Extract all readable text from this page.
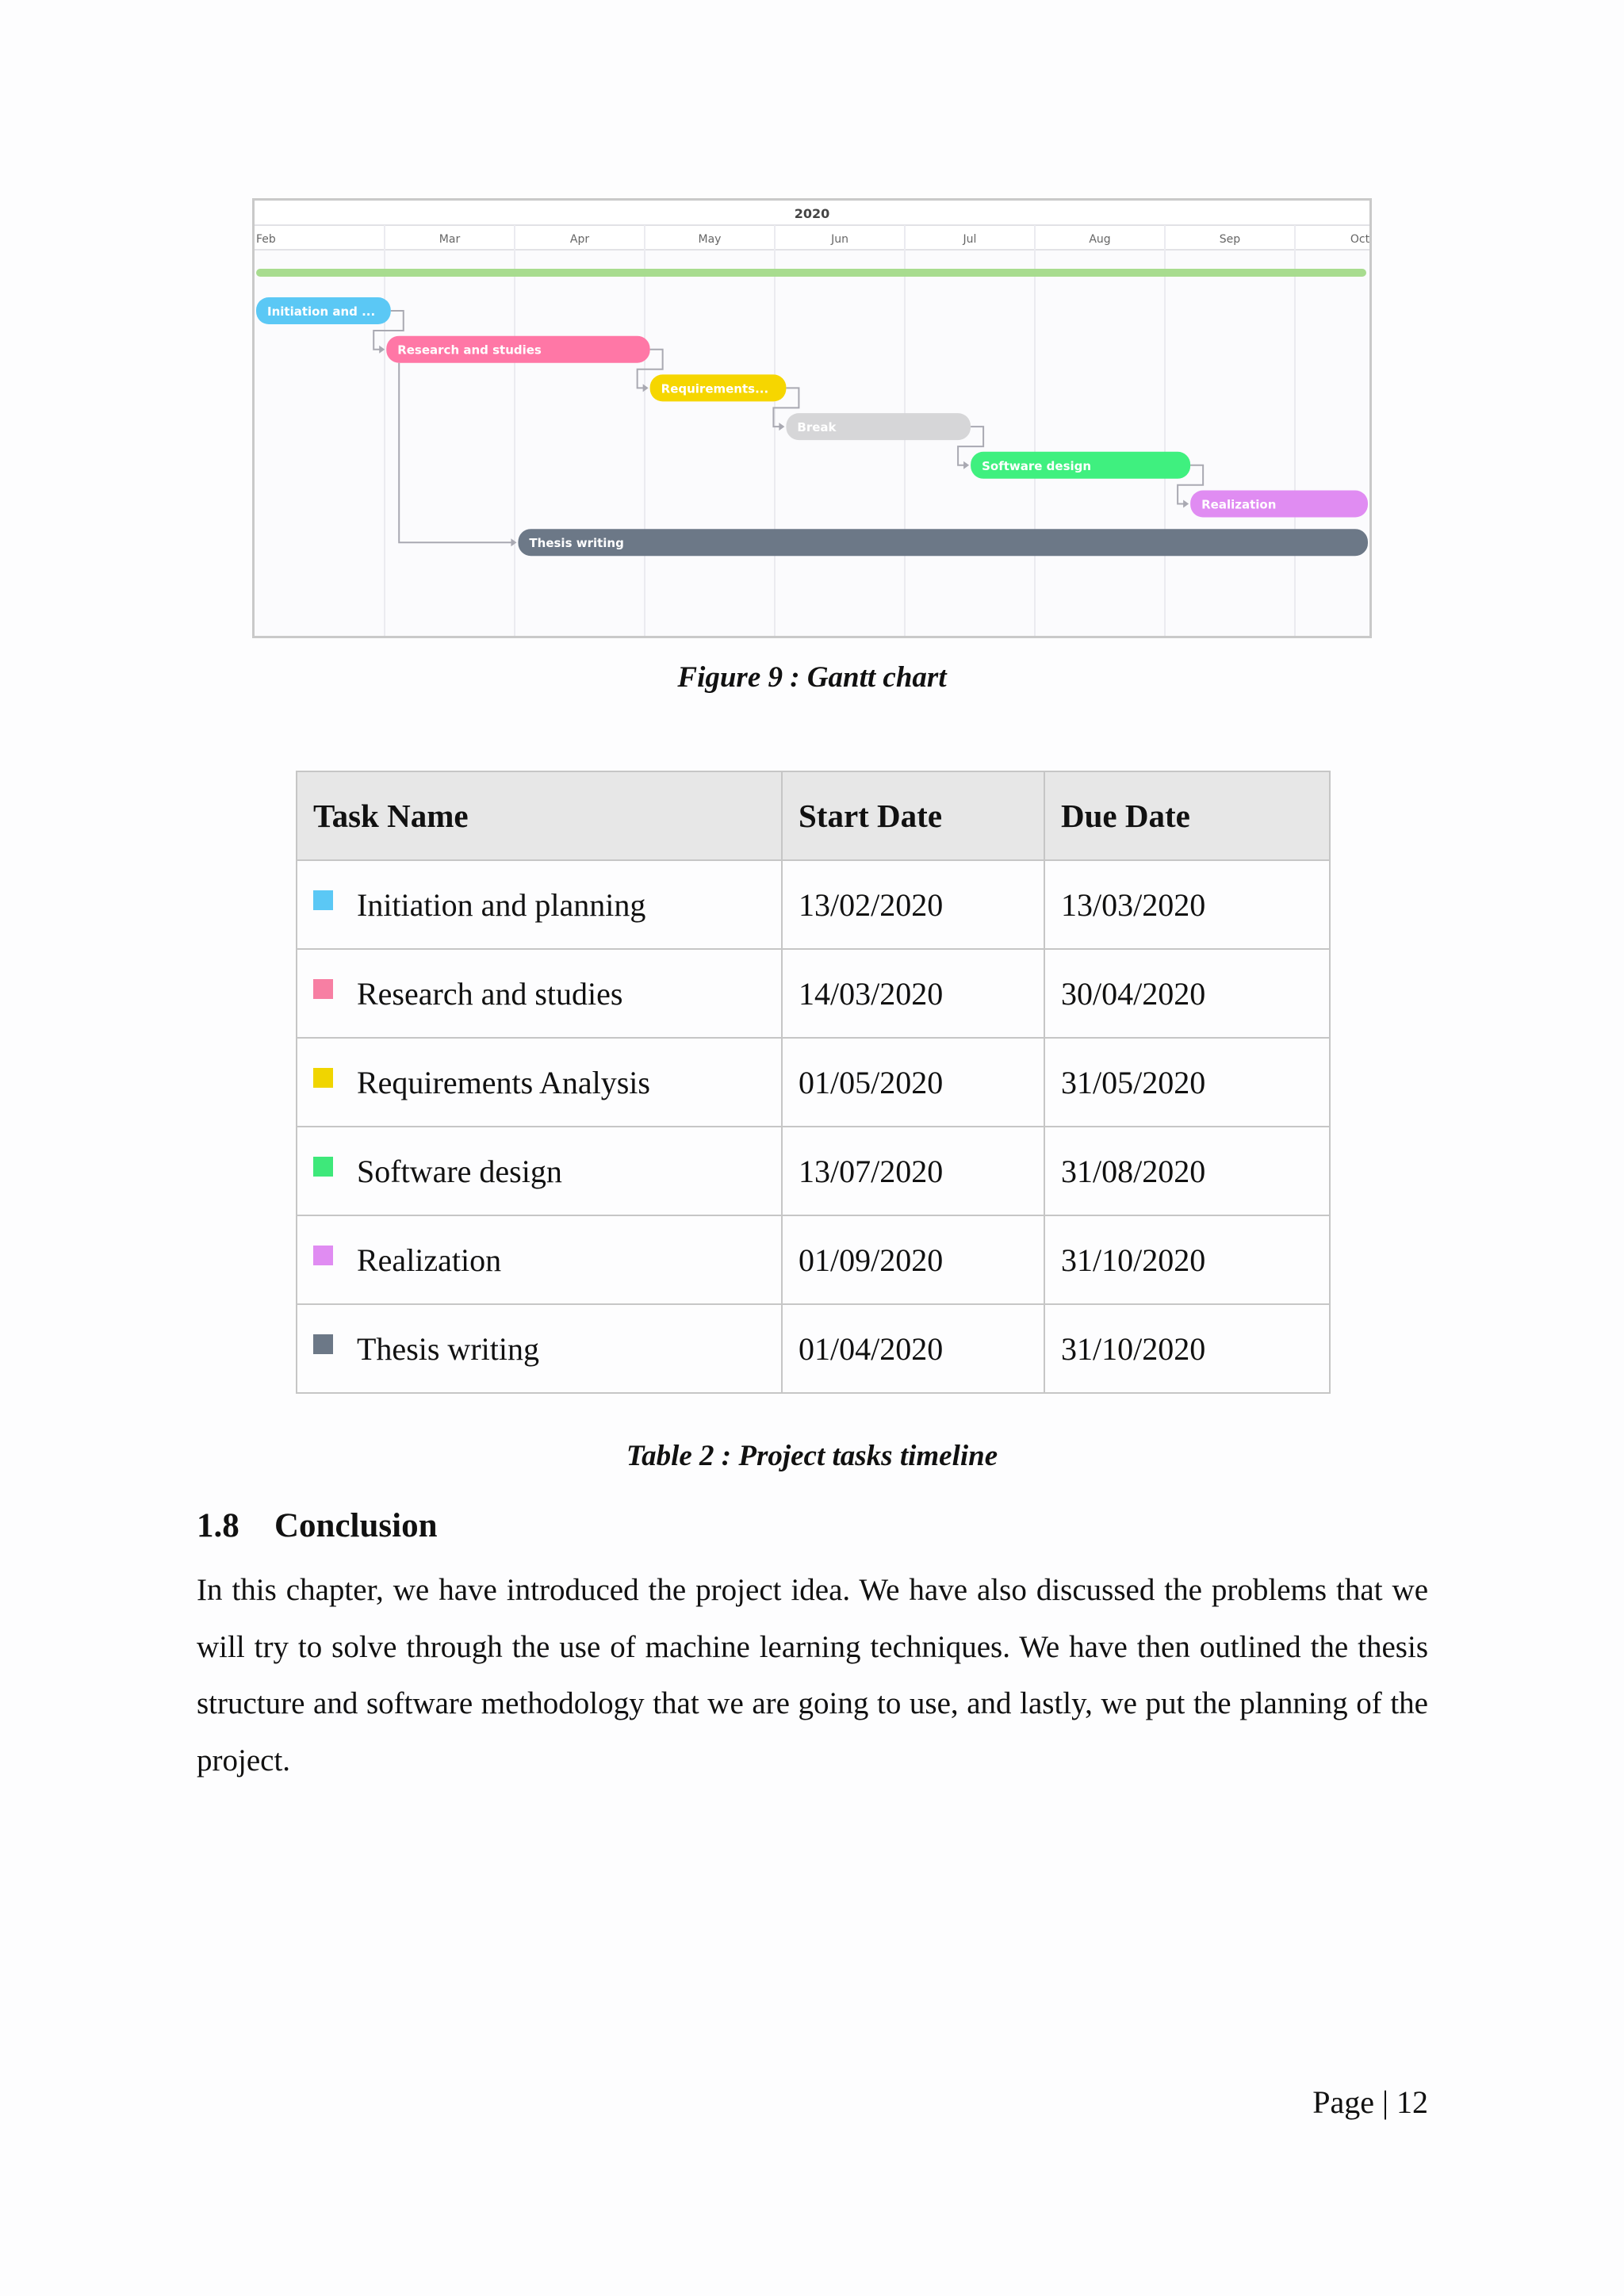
2020
Feb	Mar	Apr	May	Jun	Jul	Aug	Sep	Oct
Initiation and ...
Research and studies
Requirements...
Break
Software design
Realization
Thesis writing
Figure 9 : Gantt chart
Task Name	Start Date	Due Date

Initiation and planning	13/02/2020	13/03/2020

Research and studies	14/03/2020	30/04/2020

Requirements Analysis	01/05/2020	31/05/2020

Software design	13/07/2020	31/08/2020

Realization	01/09/2020	31/10/2020

Thesis writing	01/04/2020	31/10/2020
Table 2 : Project tasks timeline
1.8 Conclusion

In this chapter, we have introduced the project idea. We have also discussed the problems that we will try to solve through the use of machine learning techniques. We have then outlined the thesis structure and software methodology that we are going to use, and lastly, we put the planning of the project.

Page | 12
